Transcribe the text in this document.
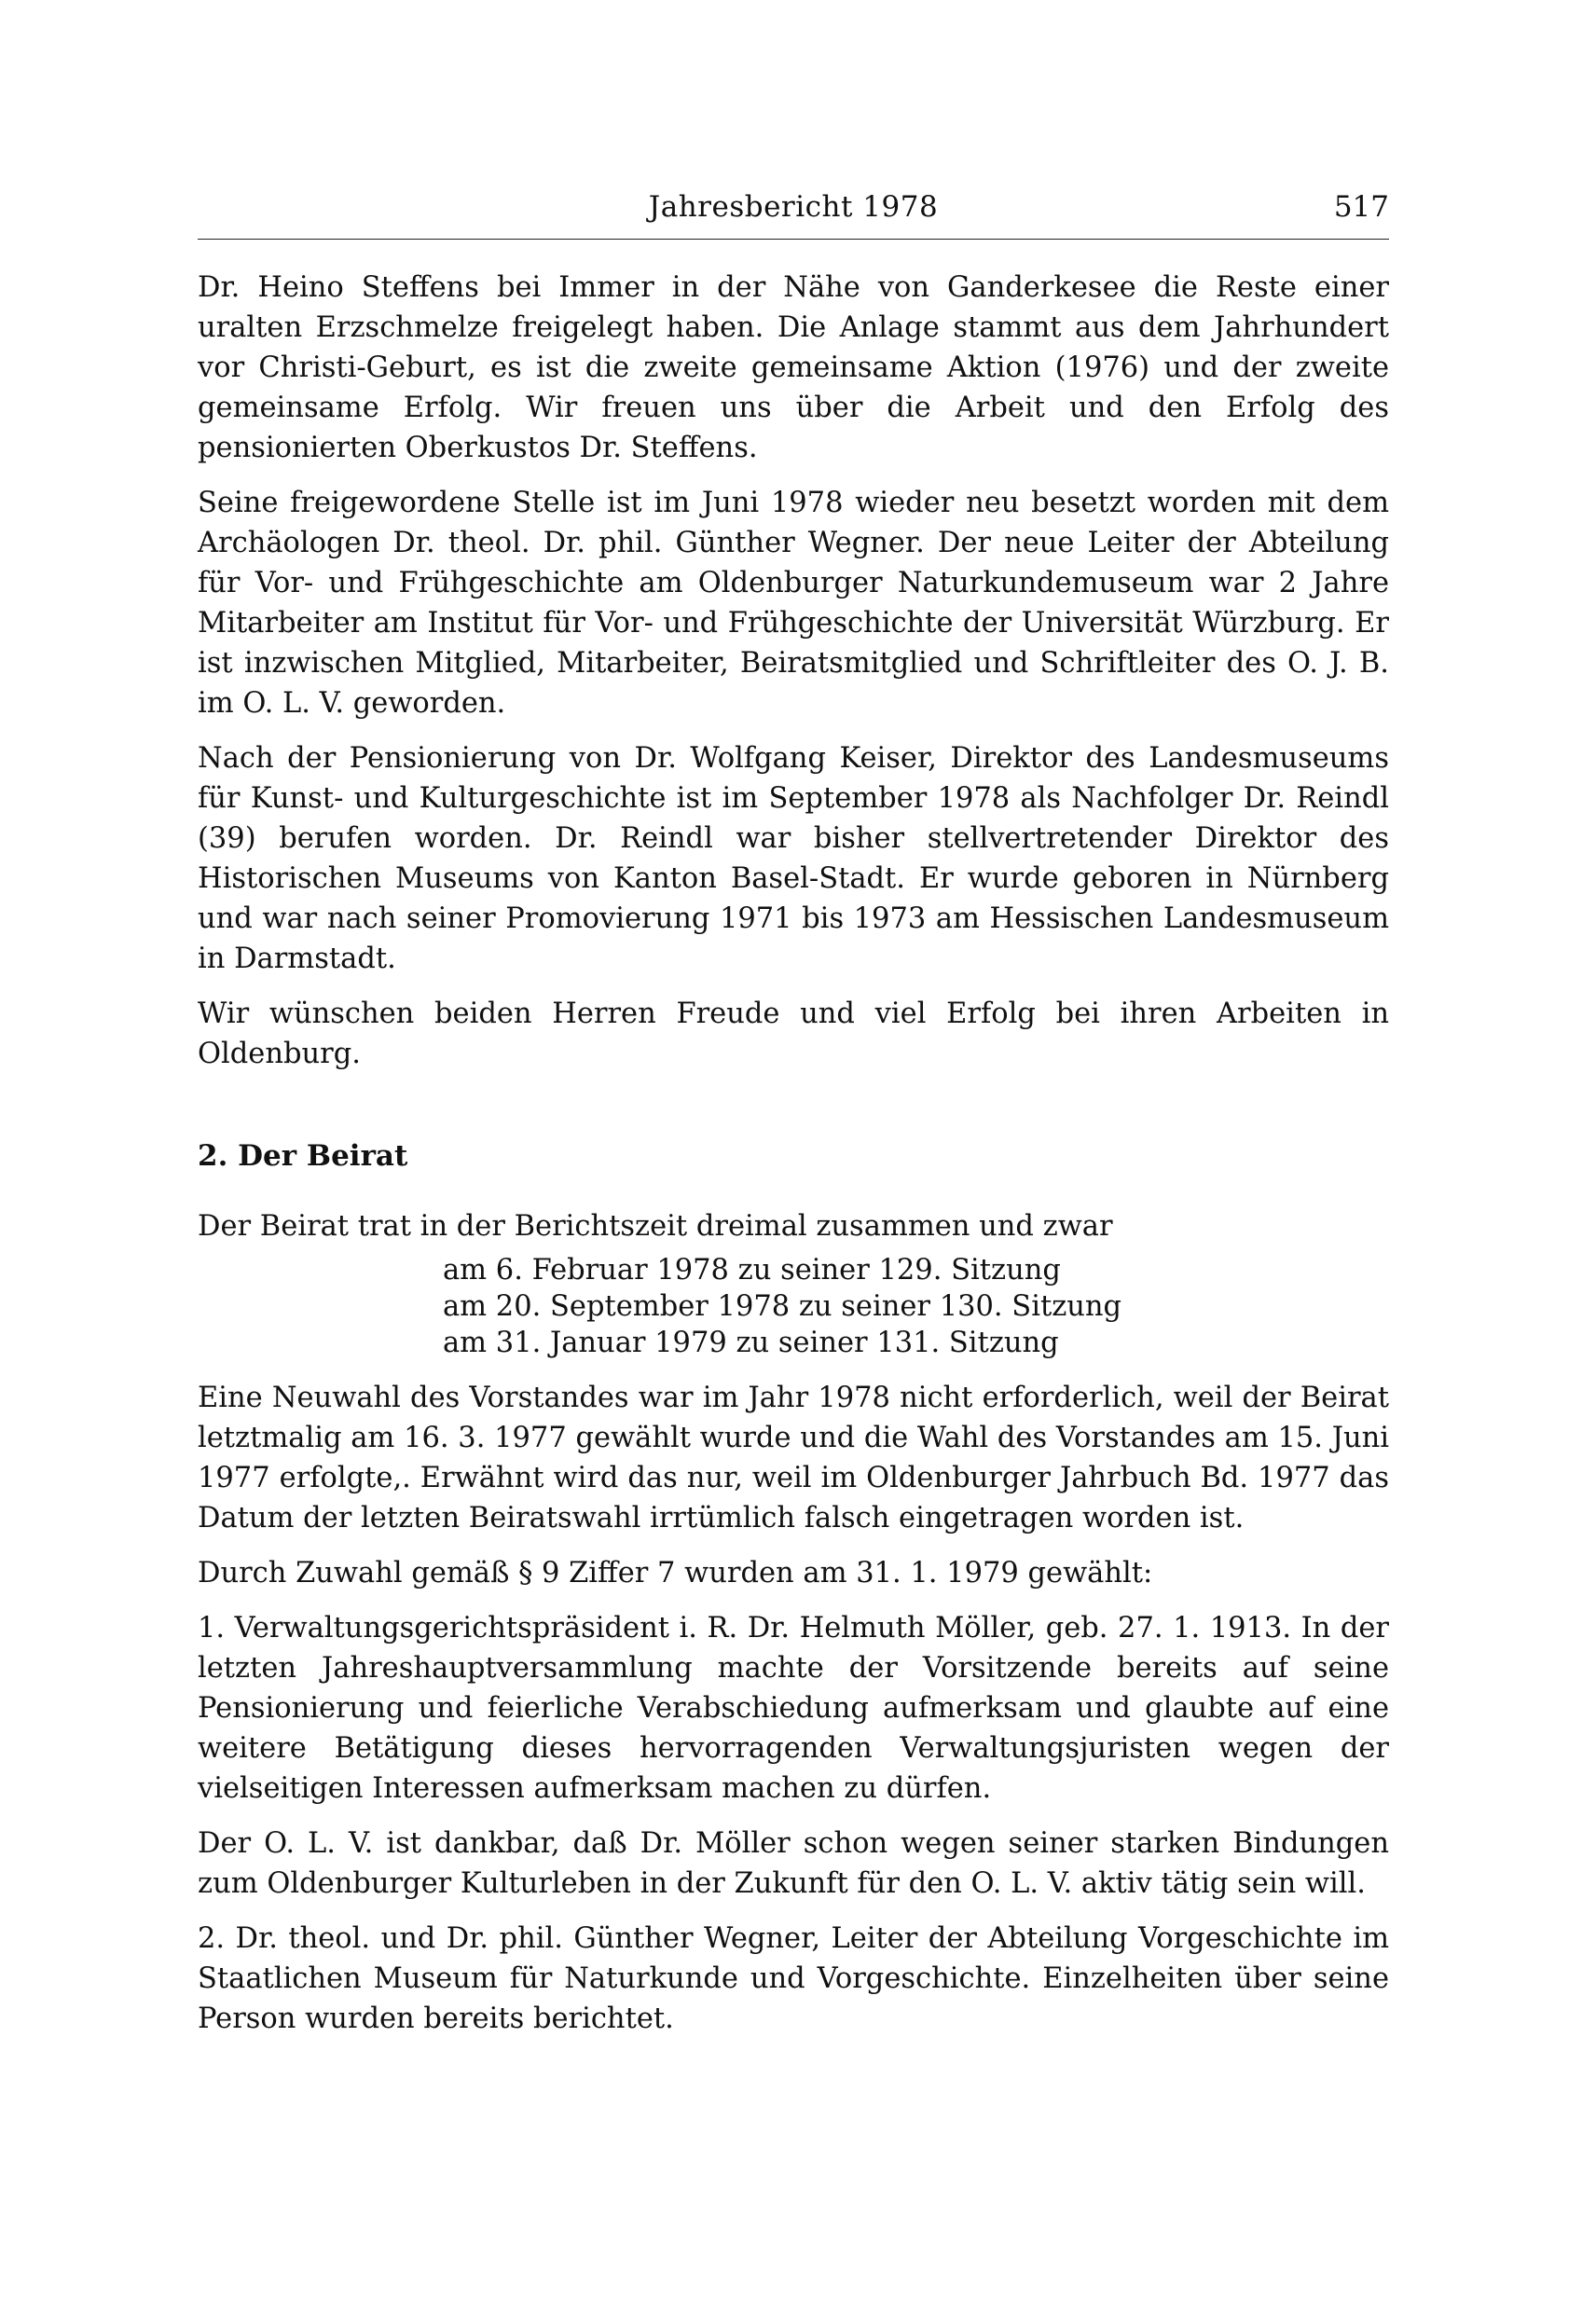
Jahresbericht 1978	517

Dr. Heino Steffens bei Immer in der Nähe von Ganderkesee die Reste einer uralten Erzschmelze freigelegt haben. Die Anlage stammt aus dem Jahrhundert vor Christi-Geburt, es ist die zweite gemeinsame Aktion (1976) und der zweite gemeinsame Erfolg. Wir freuen uns über die Arbeit und den Erfolg des pensionierten Oberkustos Dr. Steffens.

Seine freigewordene Stelle ist im Juni 1978 wieder neu besetzt worden mit dem Archäologen Dr. theol. Dr. phil. Günther Wegner. Der neue Leiter der Abteilung für Vor- und Frühgeschichte am Oldenburger Naturkundemuseum war 2 Jahre Mitarbeiter am Institut für Vor- und Frühgeschichte der Universität Würzburg. Er ist inzwischen Mitglied, Mitarbeiter, Beiratsmitglied und Schriftleiter des O. J. B. im O. L. V. geworden.

Nach der Pensionierung von Dr. Wolfgang Keiser, Direktor des Landesmuseums für Kunst- und Kulturgeschichte ist im September 1978 als Nachfolger Dr. Reindl (39) berufen worden. Dr. Reindl war bisher stellvertretender Direktor des Historischen Museums von Kanton Basel-Stadt. Er wurde geboren in Nürnberg und war nach seiner Promovierung 1971 bis 1973 am Hessischen Landesmuseum in Darmstadt.

Wir wünschen beiden Herren Freude und viel Erfolg bei ihren Arbeiten in Oldenburg.

2. Der Beirat

Der Beirat trat in der Berichtszeit dreimal zusammen und zwar

am 6. Februar 1978 zu seiner 129. Sitzung
am 20. September 1978 zu seiner 130. Sitzung
am 31. Januar 1979 zu seiner 131. Sitzung

Eine Neuwahl des Vorstandes war im Jahr 1978 nicht erforderlich, weil der Beirat letztmalig am 16. 3. 1977 gewählt wurde und die Wahl des Vorstandes am 15. Juni 1977 erfolgte,. Erwähnt wird das nur, weil im Oldenburger Jahrbuch Bd. 1977 das Datum der letzten Beiratswahl irrtümlich falsch eingetragen worden ist.

Durch Zuwahl gemäß § 9 Ziffer 7 wurden am 31. 1. 1979 gewählt:

1. Verwaltungsgerichtspräsident i. R. Dr. Helmuth Möller, geb. 27. 1. 1913. In der letzten Jahreshauptversammlung machte der Vorsitzende bereits auf seine Pensionierung und feierliche Verabschiedung aufmerksam und glaubte auf eine weitere Betätigung dieses hervorragenden Verwaltungsjuristen wegen der vielseitigen Interessen aufmerksam machen zu dürfen.

Der O. L. V. ist dankbar, daß Dr. Möller schon wegen seiner starken Bindungen zum Oldenburger Kulturleben in der Zukunft für den O. L. V. aktiv tätig sein will.

2. Dr. theol. und Dr. phil. Günther Wegner, Leiter der Abteilung Vorgeschichte im Staatlichen Museum für Naturkunde und Vorgeschichte. Einzelheiten über seine Person wurden bereits berichtet.
